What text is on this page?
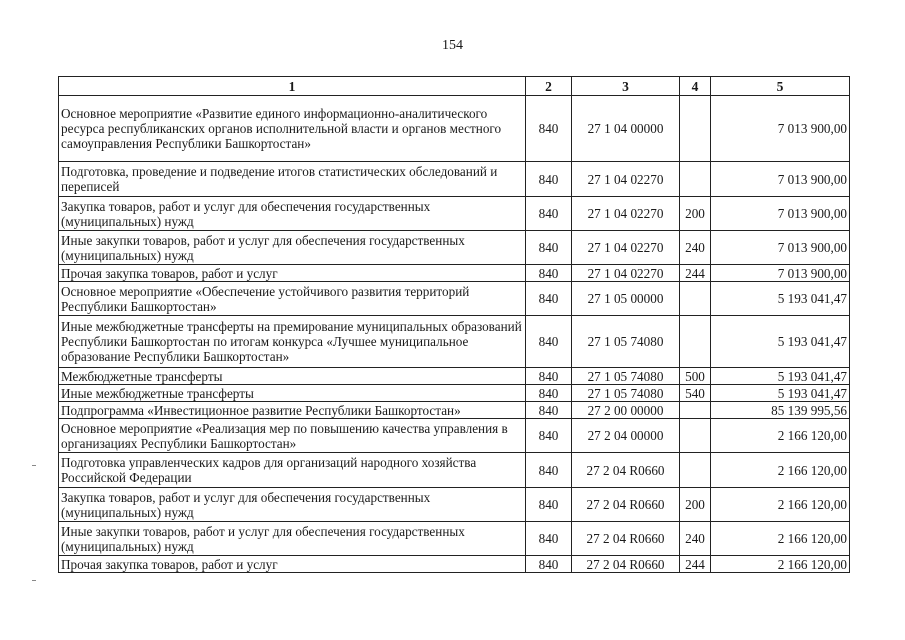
154
1	2	3	4	5
Основное мероприятие «Развитие единого информационно-аналитического ресурса республиканских органов исполнительной власти и органов местного самоуправления Республики Башкортостан»	840	27 1 04 00000		7 013 900,00
Подготовка, проведение и подведение итогов статистических обследований и переписей	840	27 1 04 02270		7 013 900,00
Закупка товаров, работ и услуг для обеспечения государственных (муниципальных) нужд	840	27 1 04 02270	200	7 013 900,00
Иные закупки товаров, работ и услуг для обеспечения государственных (муниципальных) нужд	840	27 1 04 02270	240	7 013 900,00
Прочая закупка товаров, работ и услуг	840	27 1 04 02270	244	7 013 900,00
Основное мероприятие «Обеспечение устойчивого развития территорий Республики Башкортостан»	840	27 1 05 00000		5 193 041,47
Иные межбюджетные трансферты на премирование муниципальных образований Республики Башкортостан по итогам конкурса «Лучшее муниципальное образование Республики Башкортостан»	840	27 1 05 74080		5 193 041,47
Межбюджетные трансферты	840	27 1 05 74080	500	5 193 041,47
Иные межбюджетные трансферты	840	27 1 05 74080	540	5 193 041,47
Подпрограмма «Инвестиционное развитие Республики Башкортостан»	840	27 2 00 00000		85 139 995,56
Основное мероприятие «Реализация мер по повышению качества управления в организациях Республики Башкортостан»	840	27 2 04 00000		2 166 120,00
Подготовка управленческих кадров для организаций народного хозяйства Российской Федерации	840	27 2 04 R0660		2 166 120,00
Закупка товаров, работ и услуг для обеспечения государственных (муниципальных) нужд	840	27 2 04 R0660	200	2 166 120,00
Иные закупки товаров, работ и услуг для обеспечения государственных (муниципальных) нужд	840	27 2 04 R0660	240	2 166 120,00
Прочая закупка товаров, работ и услуг	840	27 2 04 R0660	244	2 166 120,00
